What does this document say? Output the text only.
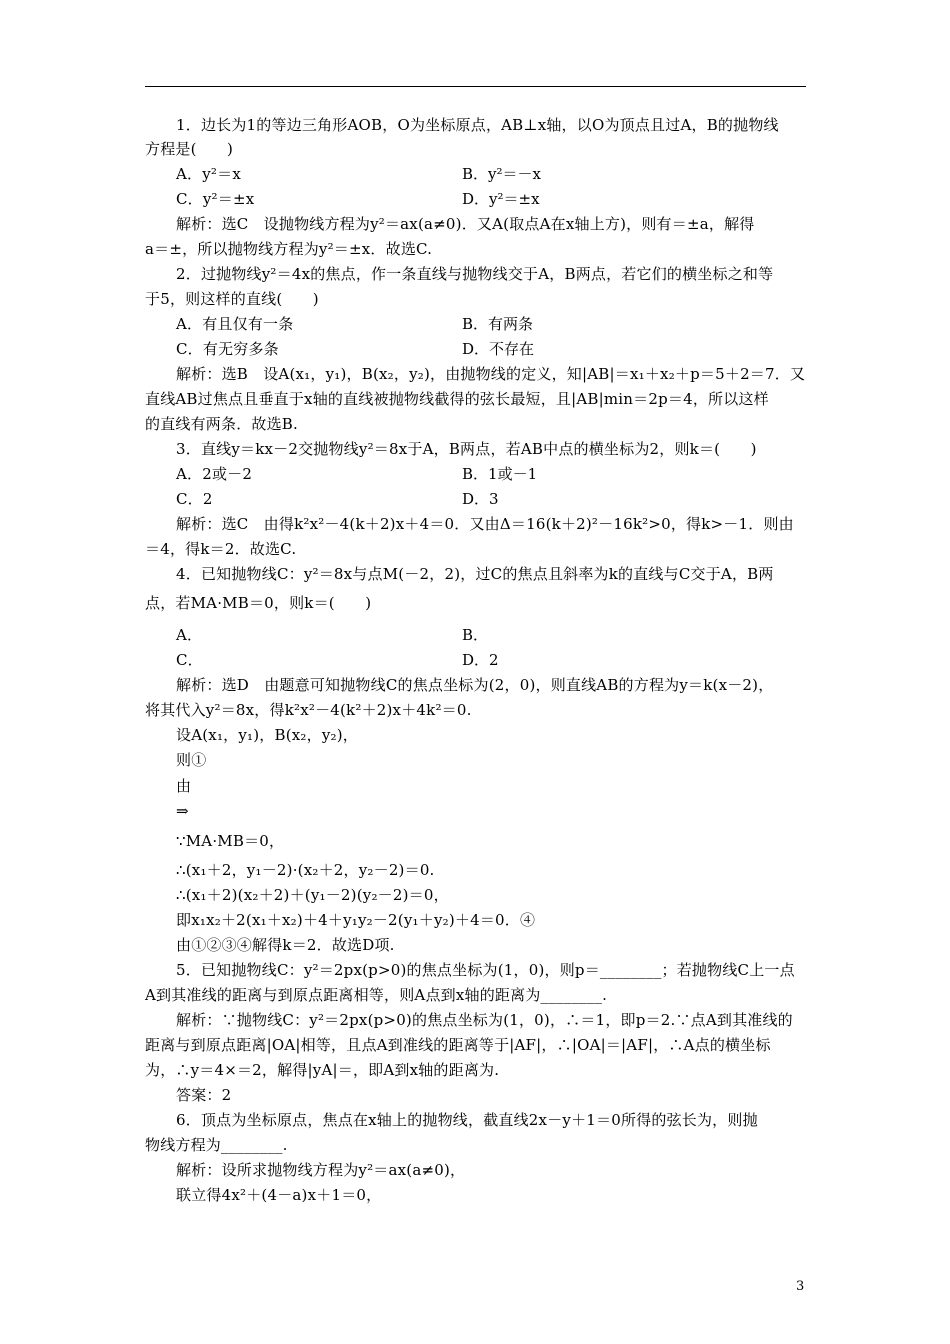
1．边长为1的等边三角形AOB，O为坐标原点，AB⊥x轴，以O为顶点且过A，B的抛物线
方程是(　　)
A．y²＝x	B．y²＝－x
C．y²＝±x	D．y²＝±x
解析：选C　设抛物线方程为y²＝ax(a≠0)．又A(取点A在x轴上方)，则有＝±a，解得
a＝±，所以抛物线方程为y²＝±x．故选C.
2．过抛物线y²＝4x的焦点，作一条直线与抛物线交于A，B两点，若它们的横坐标之和等
于5，则这样的直线(　　)
A．有且仅有一条	B．有两条
C．有无穷多条	D．不存在
解析：选B　设A(x₁，y₁)，B(x₂，y₂)，由抛物线的定义，知|AB|＝x₁＋x₂＋p＝5＋2＝7．又
直线AB过焦点且垂直于x轴的直线被抛物线截得的弦长最短，且|AB|min＝2p＝4，所以这样
的直线有两条．故选B.
3．直线y＝kx－2交抛物线y²＝8x于A，B两点，若AB中点的横坐标为2，则k＝(　　)
A．2或－2	B．1或－1
C．2	D．3
解析：选C　由得k²x²－4(k＋2)x＋4＝0．又由Δ＝16(k＋2)²－16k²>0，得k>－1．则由
＝4，得k＝2．故选C.
4．已知抛物线C：y²＝8x与点M(－2，2)，过C的焦点且斜率为k的直线与C交于A，B两
点，若MA·MB＝0，则k＝(　　)
A．	B．
C．	D．2
解析：选D　由题意可知抛物线C的焦点坐标为(2，0)，则直线AB的方程为y＝k(x－2)，
将其代入y²＝8x，得k²x²－4(k²＋2)x＋4k²＝0.
设A(x₁，y₁)，B(x₂，y₂)，
则①
由
⇒
∵MA·MB＝0，
∴(x₁＋2，y₁－2)·(x₂＋2，y₂－2)＝0.
∴(x₁＋2)(x₂＋2)＋(y₁－2)(y₂－2)＝0，
即x₁x₂＋2(x₁＋x₂)＋4＋y₁y₂－2(y₁＋y₂)＋4＝0．④
由①②③④解得k＝2．故选D项.
5．已知抛物线C：y²＝2px(p>0)的焦点坐标为(1，0)，则p＝________；若抛物线C上一点
A到其准线的距离与到原点距离相等，则A点到x轴的距离为________.
解析：∵抛物线C：y²＝2px(p>0)的焦点坐标为(1，0)，∴＝1，即p＝2.∵点A到其准线的
距离与到原点距离|OA|相等，且点A到准线的距离等于|AF|，∴|OA|＝|AF|，∴A点的横坐标
为，∴y＝4×＝2，解得|yA|＝，即A到x轴的距离为.
答案：2　
6．顶点为坐标原点，焦点在x轴上的抛物线，截直线2x－y＋1＝0所得的弦长为，则抛
物线方程为________.
解析：设所求抛物线方程为y²＝ax(a≠0)，
联立得4x²＋(4－a)x＋1＝0，
3
